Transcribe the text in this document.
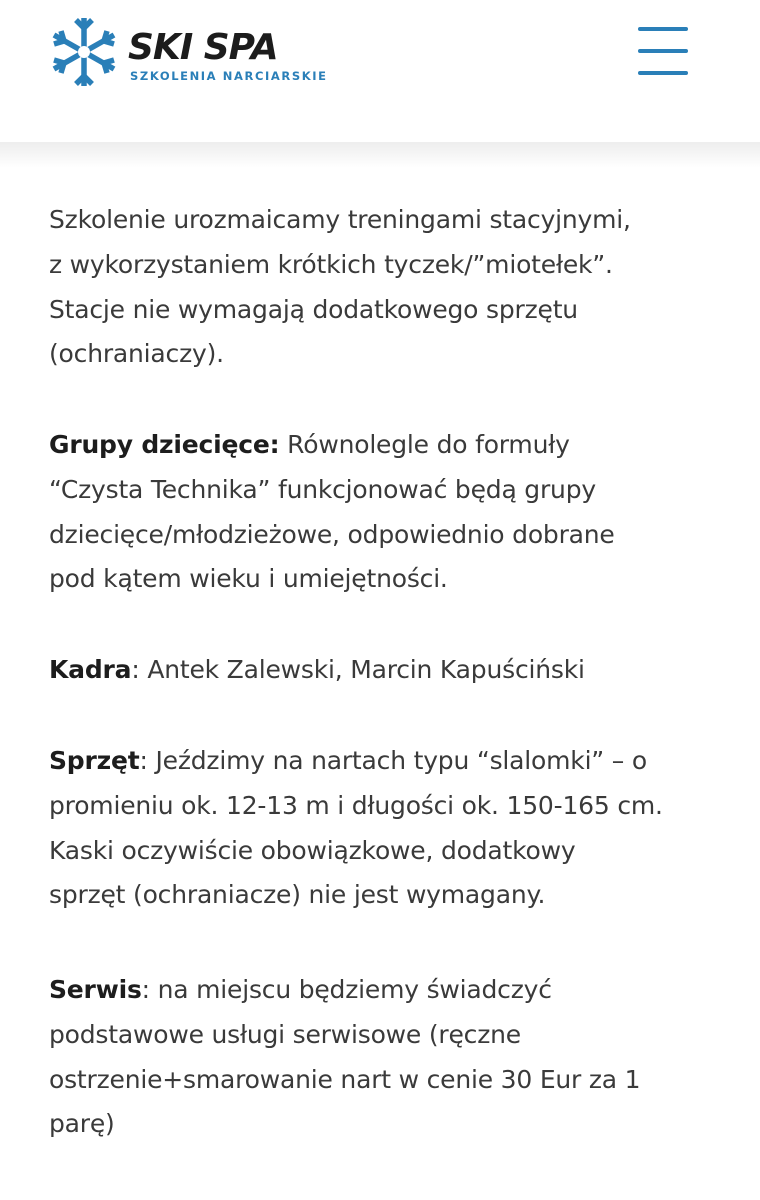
SKI SPA
SZKOLENIA NARCIARSKIE

Szkolenie urozmaicamy treningami stacyjnymi,
z wykorzystaniem krótkich tyczek/”miotełek”.
Stacje nie wymagają dodatkowego sprzętu
(ochraniaczy).

Grupy dziecięce: Równolegle do formuły
“Czysta Technika” funkcjonować będą grupy
dziecięce/młodzieżowe, odpowiednio dobrane
pod kątem wieku i umiejętności.

Kadra: Antek Zalewski, Marcin Kapuściński

Sprzęt: Jeździmy na nartach typu “slalomki” – o
promieniu ok. 12-13 m i długości ok. 150-165 cm.
Kaski oczywiście obowiązkowe, dodatkowy
sprzęt (ochraniacze) nie jest wymagany.

Serwis: na miejscu będziemy świadczyć
podstawowe usługi serwisowe (ręczne
ostrzenie+smarowanie nart w cenie 30 Eur za 1
parę)
